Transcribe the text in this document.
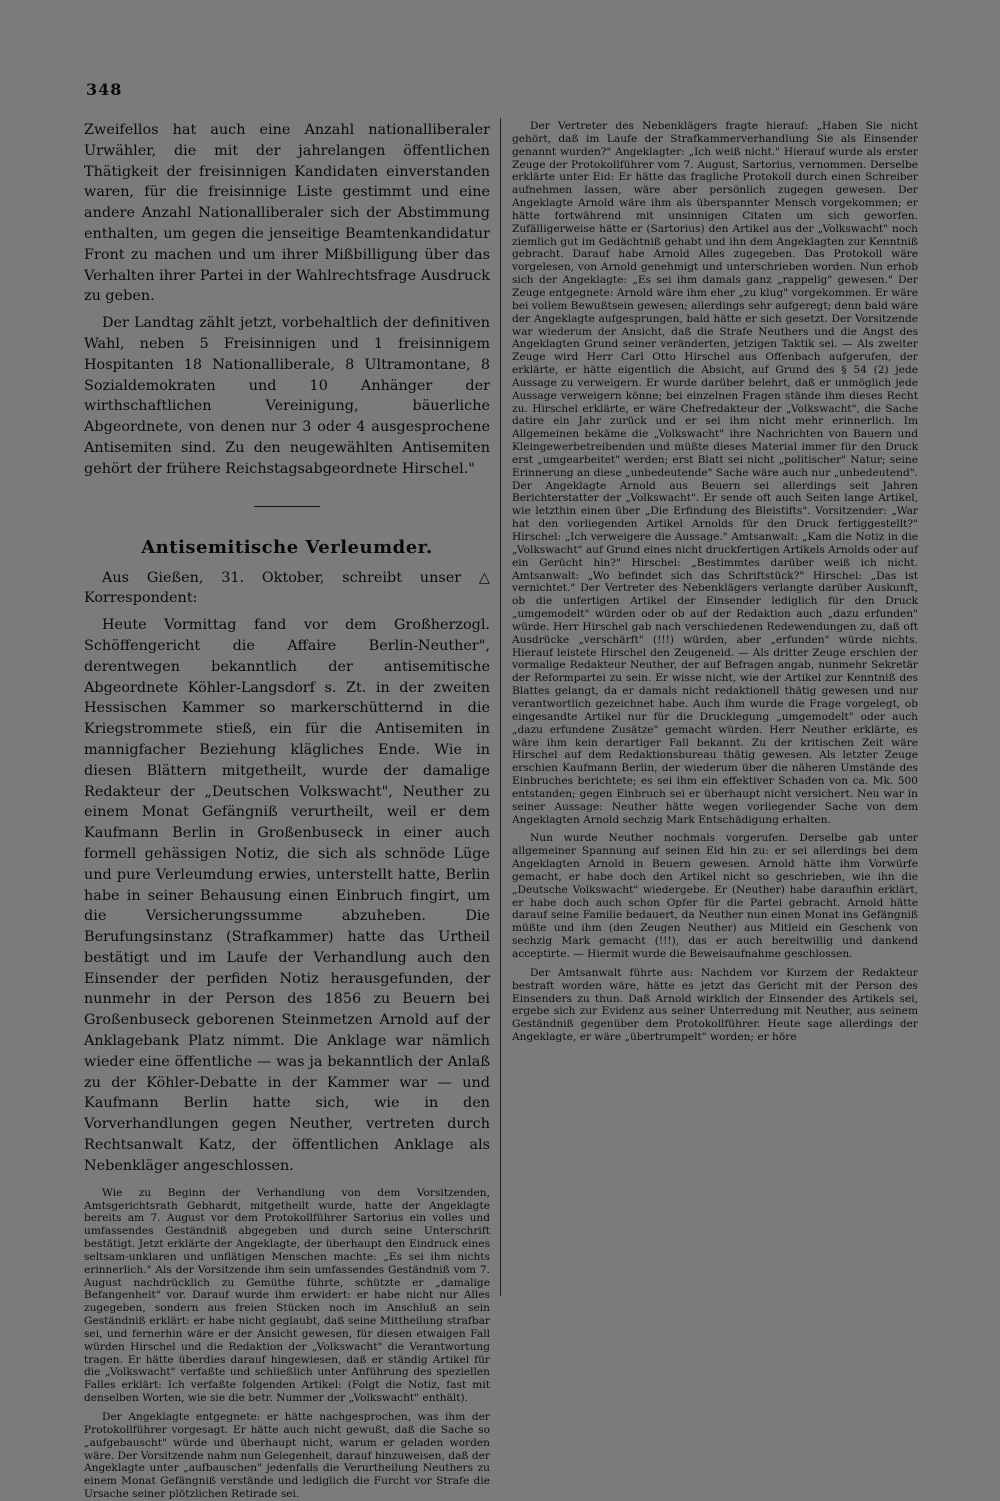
348

Zweifellos hat auch eine Anzahl nationalliberaler Urwähler, die mit der jahrelangen öffentlichen Thätigkeit der freisinnigen Kandidaten einverstanden waren, für die freisinnige Liste gestimmt und eine andere Anzahl Nationalliberaler sich der Abstimmung enthalten, um gegen die jenseitige Beamtenkandidatur Front zu machen und um ihrer Mißbilligung über das Verhalten ihrer Partei in der Wahlrechtsfrage Ausdruck zu geben.

Der Landtag zählt jetzt, vorbehaltlich der definitiven Wahl, neben 5 Freisinnigen und 1 freisinnigem Hospitanten 18 Nationalliberale, 8 Ultramontane, 8 Sozialdemokraten und 10 Anhänger der wirthschaftlichen Vereinigung, bäuerliche Abgeordnete, von denen nur 3 oder 4 ausgesprochene Antisemiten sind. Zu den neugewählten Antisemiten gehört der frühere Reichstagsabgeordnete Hirschel."

Antisemitische Verleumder.

Aus Gießen, 31. Oktober, schreibt unser △ Korrespondent:

Heute Vormittag fand vor dem Großherzogl. Schöffengericht die Affaire Berlin-Neuther", derentwegen bekanntlich der antisemitische Abgeordnete Köhler-Langsdorf s. Zt. in der zweiten Hessischen Kammer so markerschütternd in die Kriegstrommete stieß, ein für die Antisemiten in mannigfacher Beziehung klägliches Ende. Wie in diesen Blättern mitgetheilt, wurde der damalige Redakteur der „Deutschen Volkswacht", Neuther zu einem Monat Gefängniß verurtheilt, weil er dem Kaufmann Berlin in Großenbuseck in einer auch formell gehässigen Notiz, die sich als schnöde Lüge und pure Verleumdung erwies, unterstellt hatte, Berlin habe in seiner Behausung einen Einbruch fingirt, um die Versicherungssumme abzuheben. Die Berufungsinstanz (Strafkammer) hatte das Urtheil bestätigt und im Laufe der Verhandlung auch den Einsender der perfiden Notiz herausgefunden, der nunmehr in der Person des 1856 zu Beuern bei Großenbuseck geborenen Steinmetzen Arnold auf der Anklagebank Platz nimmt. Die Anklage war nämlich wieder eine öffentliche — was ja bekanntlich der Anlaß zu der Köhler-Debatte in der Kammer war — und Kaufmann Berlin hatte sich, wie in den Vorverhandlungen gegen Neuther, vertreten durch Rechtsanwalt Katz, der öffentlichen Anklage als Nebenkläger angeschlossen.

Wie zu Beginn der Verhandlung von dem Vorsitzenden, Amtsgerichtsrath Gebhardt, mitgetheilt wurde, hatte der Angeklagte bereits am 7. August vor dem Protokollführer Sartorius ein volles und umfassendes Geständniß abgegeben und durch seine Unterschrift bestätigt. Jetzt erklärte der Angeklagte, der überhaupt den Eindruck eines seltsam-unklaren und unflätigen Menschen machte: „Es sei ihm nichts erinnerlich." Als der Vorsitzende ihm sein umfassendes Geständniß vom 7. August nachdrücklich zu Gemüthe führte, schützte er „damalige Befangenheit" vor. Darauf wurde ihm erwidert: er habe nicht nur Alles zugegeben, sondern aus freien Stücken noch im Anschluß an sein Geständniß erklärt: er habe nicht geglaubt, daß seine Mittheilung strafbar sei, und fernerhin wäre er der Ansicht gewesen, für diesen etwaigen Fall würden Hirschel und die Redaktion der „Volkswacht" die Verantwortung tragen. Er hätte überdies darauf hingewiesen, daß er ständig Artikel für die „Volkswacht" verfaßte und schließlich unter Anführung des speziellen Falles erklärt: Ich verfaßte folgenden Artikel: (Folgt die Notiz, fast mit denselben Worten, wie sie die betr. Nummer der „Volkswacht" enthält).

Der Angeklagte entgegnete: er hätte nachgesprochen, was ihm der Protokollführer vorgesagt. Er hätte auch nicht gewußt, daß die Sache so „aufgebauscht" würde und überhaupt nicht, warum er geladen worden wäre. Der Vorsitzende nahm nun Gelegenheit, darauf hinzuweisen, daß der Angeklagte unter „aufbauschen" jedenfalls die Verurtheilung Neuthers zu einem Monat Gefängniß verstände und lediglich die Furcht vor Strafe die Ursache seiner plötzlichen Retirade sei.

Der Vertreter des Nebenklägers fragte hierauf: „Haben Sie nicht gehört, daß im Laufe der Strafkammerverhandlung Sie als Einsender genannt wurden?" Angeklagter: „Ich weiß nicht." Hierauf wurde als erster Zeuge der Protokollführer vom 7. August, Sartorius, vernommen. Derselbe erklärte unter Eid: Er hätte das fragliche Protokoll durch einen Schreiber aufnehmen lassen, wäre aber persönlich zugegen gewesen. Der Angeklagte Arnold wäre ihm als überspannter Mensch vorgekommen; er hätte fortwährend mit unsinnigen Citaten um sich geworfen. Zufälligerweise hätte er (Sartorius) den Artikel aus der „Volkswacht" noch ziemlich gut im Gedächtniß gehabt und ihn dem Angeklagten zur Kenntniß gebracht. Darauf habe Arnold Alles zugegeben. Das Protokoll wäre vorgelesen, von Arnold genehmigt und unterschrieben worden. Nun erhob sich der Angeklagte: „Es sei ihm damals ganz „rappelig" gewesen." Der Zeuge entgegnete: Arnold wäre ihm eher „zu klug" vorgekommen. Er wäre bei vollem Bewußtsein gewesen; allerdings sehr aufgeregt; denn bald wäre der Angeklagte aufgesprungen, bald hätte er sich gesetzt. Der Vorsitzende war wiederum der Ansicht, daß die Strafe Neuthers und die Angst des Angeklagten Grund seiner veränderten, jetzigen Taktik sei. — Als zweiter Zeuge wird Herr Carl Otto Hirschel aus Offenbach aufgerufen, der erklärte, er hätte eigentlich die Absicht, auf Grund des § 54 (2) jede Aussage zu verweigern. Er wurde darüber belehrt, daß er unmöglich jede Aussage verweigern könne; bei einzelnen Fragen stände ihm dieses Recht zu. Hirschel erklärte, er wäre Chefredakteur der „Volkswacht", die Sache datire ein Jahr zurück und er sei ihm nicht mehr erinnerlich. Im Allgemeinen bekäme die „Volkswacht" ihre Nachrichten von Bauern und Kleingewerbetreibenden und müßte dieses Material immer für den Druck erst „umgearbeitet" werden; erst Blatt sei nicht „politischer" Natur; seine Erinnerung an diese „unbedeutende" Sache wäre auch nur „unbedeutend". Der Angeklagte Arnold aus Beuern sei allerdings seit Jahren Berichterstatter der „Volkswacht". Er sende oft auch Seiten lange Artikel, wie letzthin einen über „Die Erfindung des Bleistifts". Vorsitzender: „War hat den vorliegenden Artikel Arnolds für den Druck fertiggestellt?" Hirschel: „Ich verweigere die Aussage." Amtsanwalt: „Kam die Notiz in die „Volkswacht" auf Grund eines nicht druckfertigen Artikels Arnolds oder auf ein Gerücht hin?" Hirschel: „Bestimmtes darüber weiß ich nicht. Amtsanwalt: „Wo befindet sich das Schriftstück?" Hirschel: „Das ist vernichtet." Der Vertreter des Nebenklägers verlangte darüber Auskunft, ob die unfertigen Artikel der Einsender lediglich für den Druck „umgemodelt" würden oder ob auf der Redaktion auch „dazu erfunden" würde. Herr Hirschel gab nach verschiedenen Redewendungen zu, daß oft Ausdrücke „verschärft" (!!!) würden, aber „erfunden" würde nichts. Hierauf leistete Hirschel den Zeugeneid. — Als dritter Zeuge erschien der vormalige Redakteur Neuther, der auf Befragen angab, nunmehr Sekretär der Reformpartei zu sein. Er wisse nicht, wie der Artikel zur Kenntniß des Blattes gelangt, da er damals nicht redaktionell thätig gewesen und nur verantwortlich gezeichnet habe. Auch ihm wurde die Frage vorgelegt, ob eingesandte Artikel nur für die Drucklegung „umgemodelt" oder auch „dazu erfundene Zusätze" gemacht würden. Herr Neuther erklärte, es wäre ihm kein derartiger Fall bekannt. Zu der kritischen Zeit wäre Hirschel auf dem Redaktionsbureau thätig gewesen. Als letzter Zeuge erschien Kaufmann Berlin, der wiederum über die näheren Umstände des Einbruches berichtete; es sei ihm ein effektiver Schaden von ca. Mk. 500 entstanden; gegen Einbruch sei er überhaupt nicht versichert. Neu war in seiner Aussage: Neuther hätte wegen vorliegender Sache von dem Angeklagten Arnold sechzig Mark Entschädigung erhalten.

Nun wurde Neuther nochmals vorgerufen. Derselbe gab unter allgemeiner Spannung auf seinen Eid hin zu: er sei allerdings bei dem Angeklagten Arnold in Beuern gewesen. Arnold hätte ihm Vorwürfe gemacht, er habe doch den Artikel nicht so geschrieben, wie ihn die „Deutsche Volkswacht" wiedergebe. Er (Neuther) habe daraufhin erklärt, er habe doch auch schon Opfer für die Partei gebracht. Arnold hätte darauf seine Familie bedauert, da Neuther nun einen Monat ins Gefängniß müßte und ihm (den Zeugen Neuther) aus Mitleid ein Geschenk von sechzig Mark gemacht (!!!), das er auch bereitwillig und dankend acceptirte. — Hiermit wurde die Beweisaufnahme geschlossen.

Der Amtsanwalt führte aus: Nachdem vor Kurzem der Redakteur bestraft worden wäre, hätte es jetzt das Gericht mit der Person des Einsenders zu thun. Daß Arnold wirklich der Einsender des Artikels sei, ergebe sich zur Evidenz aus seiner Unterredung mit Neuther, aus seinem Geständniß gegenüber dem Protokollführer. Heute sage allerdings der Angeklagte, er wäre „übertrumpelt" worden; er höre
